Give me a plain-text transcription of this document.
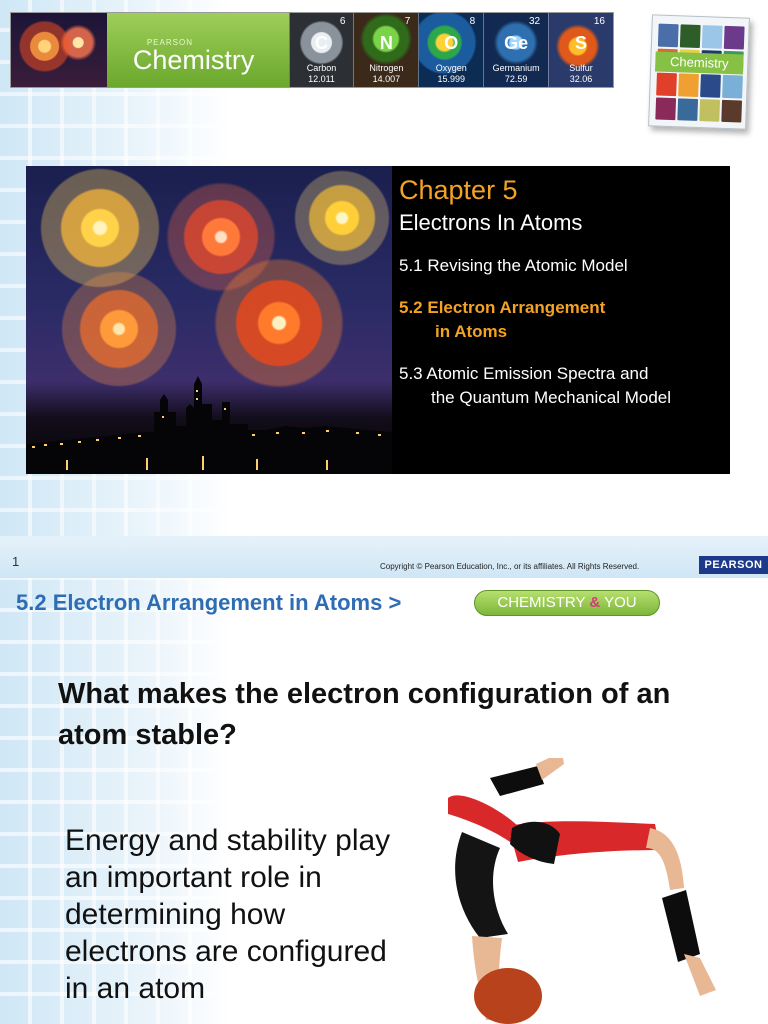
PEARSON
Chemistry
6
C
Carbon
12.011
7
N
Nitrogen
14.007
8
O
Oxygen
15.999
32
Ge
Germanium
72.59
16
S
Sulfur
32.06
Chemistry
Chapter 5
Electrons In Atoms
5.1 Revising the Atomic Model
5.2 Electron Arrangement
in Atoms
5.3 Atomic Emission Spectra and
the Quantum Mechanical Model
1	Copyright © Pearson Education, Inc., or its affiliates. All Rights Reserved.	PEARSON
5.2 Electron Arrangement in Atoms >	CHEMISTRY & YOU
What makes the electron configuration of an atom stable?
Energy and stability play an important role in determining how electrons are configured in an atom
